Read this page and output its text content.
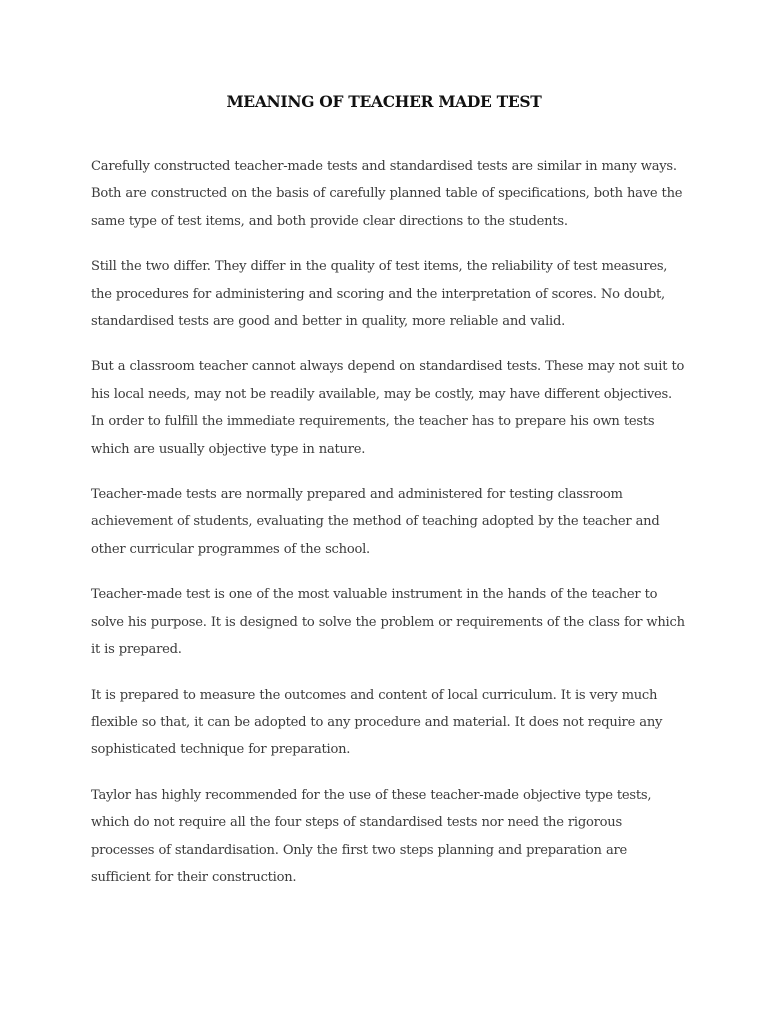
MEANING OF TEACHER MADE TEST
Carefully constructed teacher-made tests and standardised tests are similar in many ways.
Both are constructed on the basis of carefully planned table of specifications, both have the
same type of test items, and both provide clear directions to the students.
Still the two differ. They differ in the quality of test items, the reliability of test measures,
the procedures for administering and scoring and the interpretation of scores. No doubt,
standardised tests are good and better in quality, more reliable and valid.
But a classroom teacher cannot always depend on standardised tests. These may not suit to
his local needs, may not be readily available, may be costly, may have different objectives.
In order to fulfill the immediate requirements, the teacher has to prepare his own tests
which are usually objective type in nature.
Teacher-made tests are normally prepared and administered for testing classroom
achievement of students, evaluating the method of teaching adopted by the teacher and
other curricular programmes of the school.
Teacher-made test is one of the most valuable instrument in the hands of the teacher to
solve his purpose. It is designed to solve the problem or requirements of the class for which
it is prepared.
It is prepared to measure the outcomes and content of local curriculum. It is very much
flexible so that, it can be adopted to any procedure and material. It does not require any
sophisticated technique for preparation.
Taylor has highly recommended for the use of these teacher-made objective type tests,
which do not require all the four steps of standardised tests nor need the rigorous
processes of standardisation. Only the first two steps planning and preparation are
sufficient for their construction.
